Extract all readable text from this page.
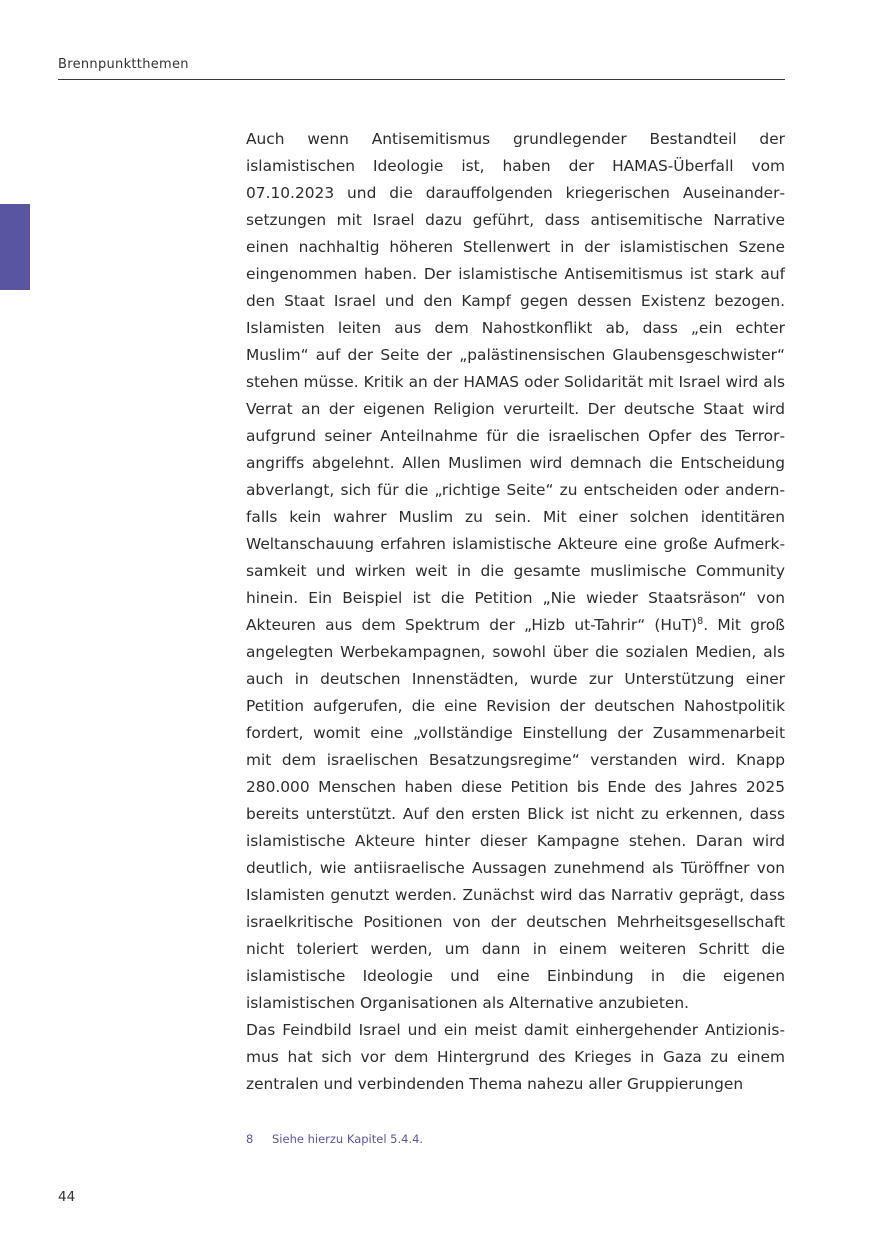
Brennpunktthemen

Auch wenn Antisemitismus grundlegender Bestandteil der islamistischen Ideologie ist, haben der HAMAS-Überfall vom 07.10.2023 und die darauffolgenden kriegerischen Auseinandersetzungen mit Israel dazu geführt, dass antisemitische Narrative einen nachhaltig höheren Stellenwert in der islamistischen Szene eingenommen haben. Der islamistische Antisemitismus ist stark auf den Staat Israel und den Kampf gegen dessen Existenz bezogen. Islamisten leiten aus dem Nahostkonflikt ab, dass „ein echter Muslim“ auf der Seite der „palästinensischen Glaubensgeschwister“ stehen müsse. Kritik an der HAMAS oder Solidarität mit Israel wird als Verrat an der eigenen Religion verurteilt. Der deutsche Staat wird aufgrund seiner Anteilnahme für die israelischen Opfer des Terrorangriffs abgelehnt. Allen Muslimen wird demnach die Entscheidung abverlangt, sich für die „richtige Seite“ zu entscheiden oder andernfalls kein wahrer Muslim zu sein. Mit einer solchen identitären Weltanschauung erfahren islamistische Akteure eine große Aufmerksamkeit und wirken weit in die gesamte muslimische Community hinein. Ein Beispiel ist die Petition „Nie wieder Staatsräson“ von Akteuren aus dem Spektrum der „Hizb ut-Tahrir“ (HuT)$^8$. Mit groß angelegten Werbekampagnen, sowohl über die sozialen Medien, als auch in deutschen Innenstädten, wurde zur Unterstützung einer Petition aufgerufen, die eine Revision der deutschen Nahostpolitik fordert, womit eine „vollständige Einstellung der Zusammenarbeit mit dem israelischen Besatzungsregime“ verstanden wird. Knapp 280.000 Menschen haben diese Petition bis Ende des Jahres 2025 bereits unterstützt. Auf den ersten Blick ist nicht zu erkennen, dass islamistische Akteure hinter dieser Kampagne stehen. Daran wird deutlich, wie antiisraelische Aussagen zunehmend als Türöffner von Islamisten genutzt werden. Zunächst wird das Narrativ geprägt, dass israelkritische Positionen von der deutschen Mehrheitsgesellschaft nicht toleriert werden, um dann in einem weiteren Schritt die islamistische Ideologie und eine Einbindung in die eigenen islamistischen Organisationen als Alternative anzubieten.

Das Feindbild Israel und ein meist damit einhergehender Antizionismus hat sich vor dem Hintergrund des Krieges in Gaza zu einem zentralen und verbindenden Thema nahezu aller Gruppierungen

8 Siehe hierzu Kapitel 5.4.4.
44
